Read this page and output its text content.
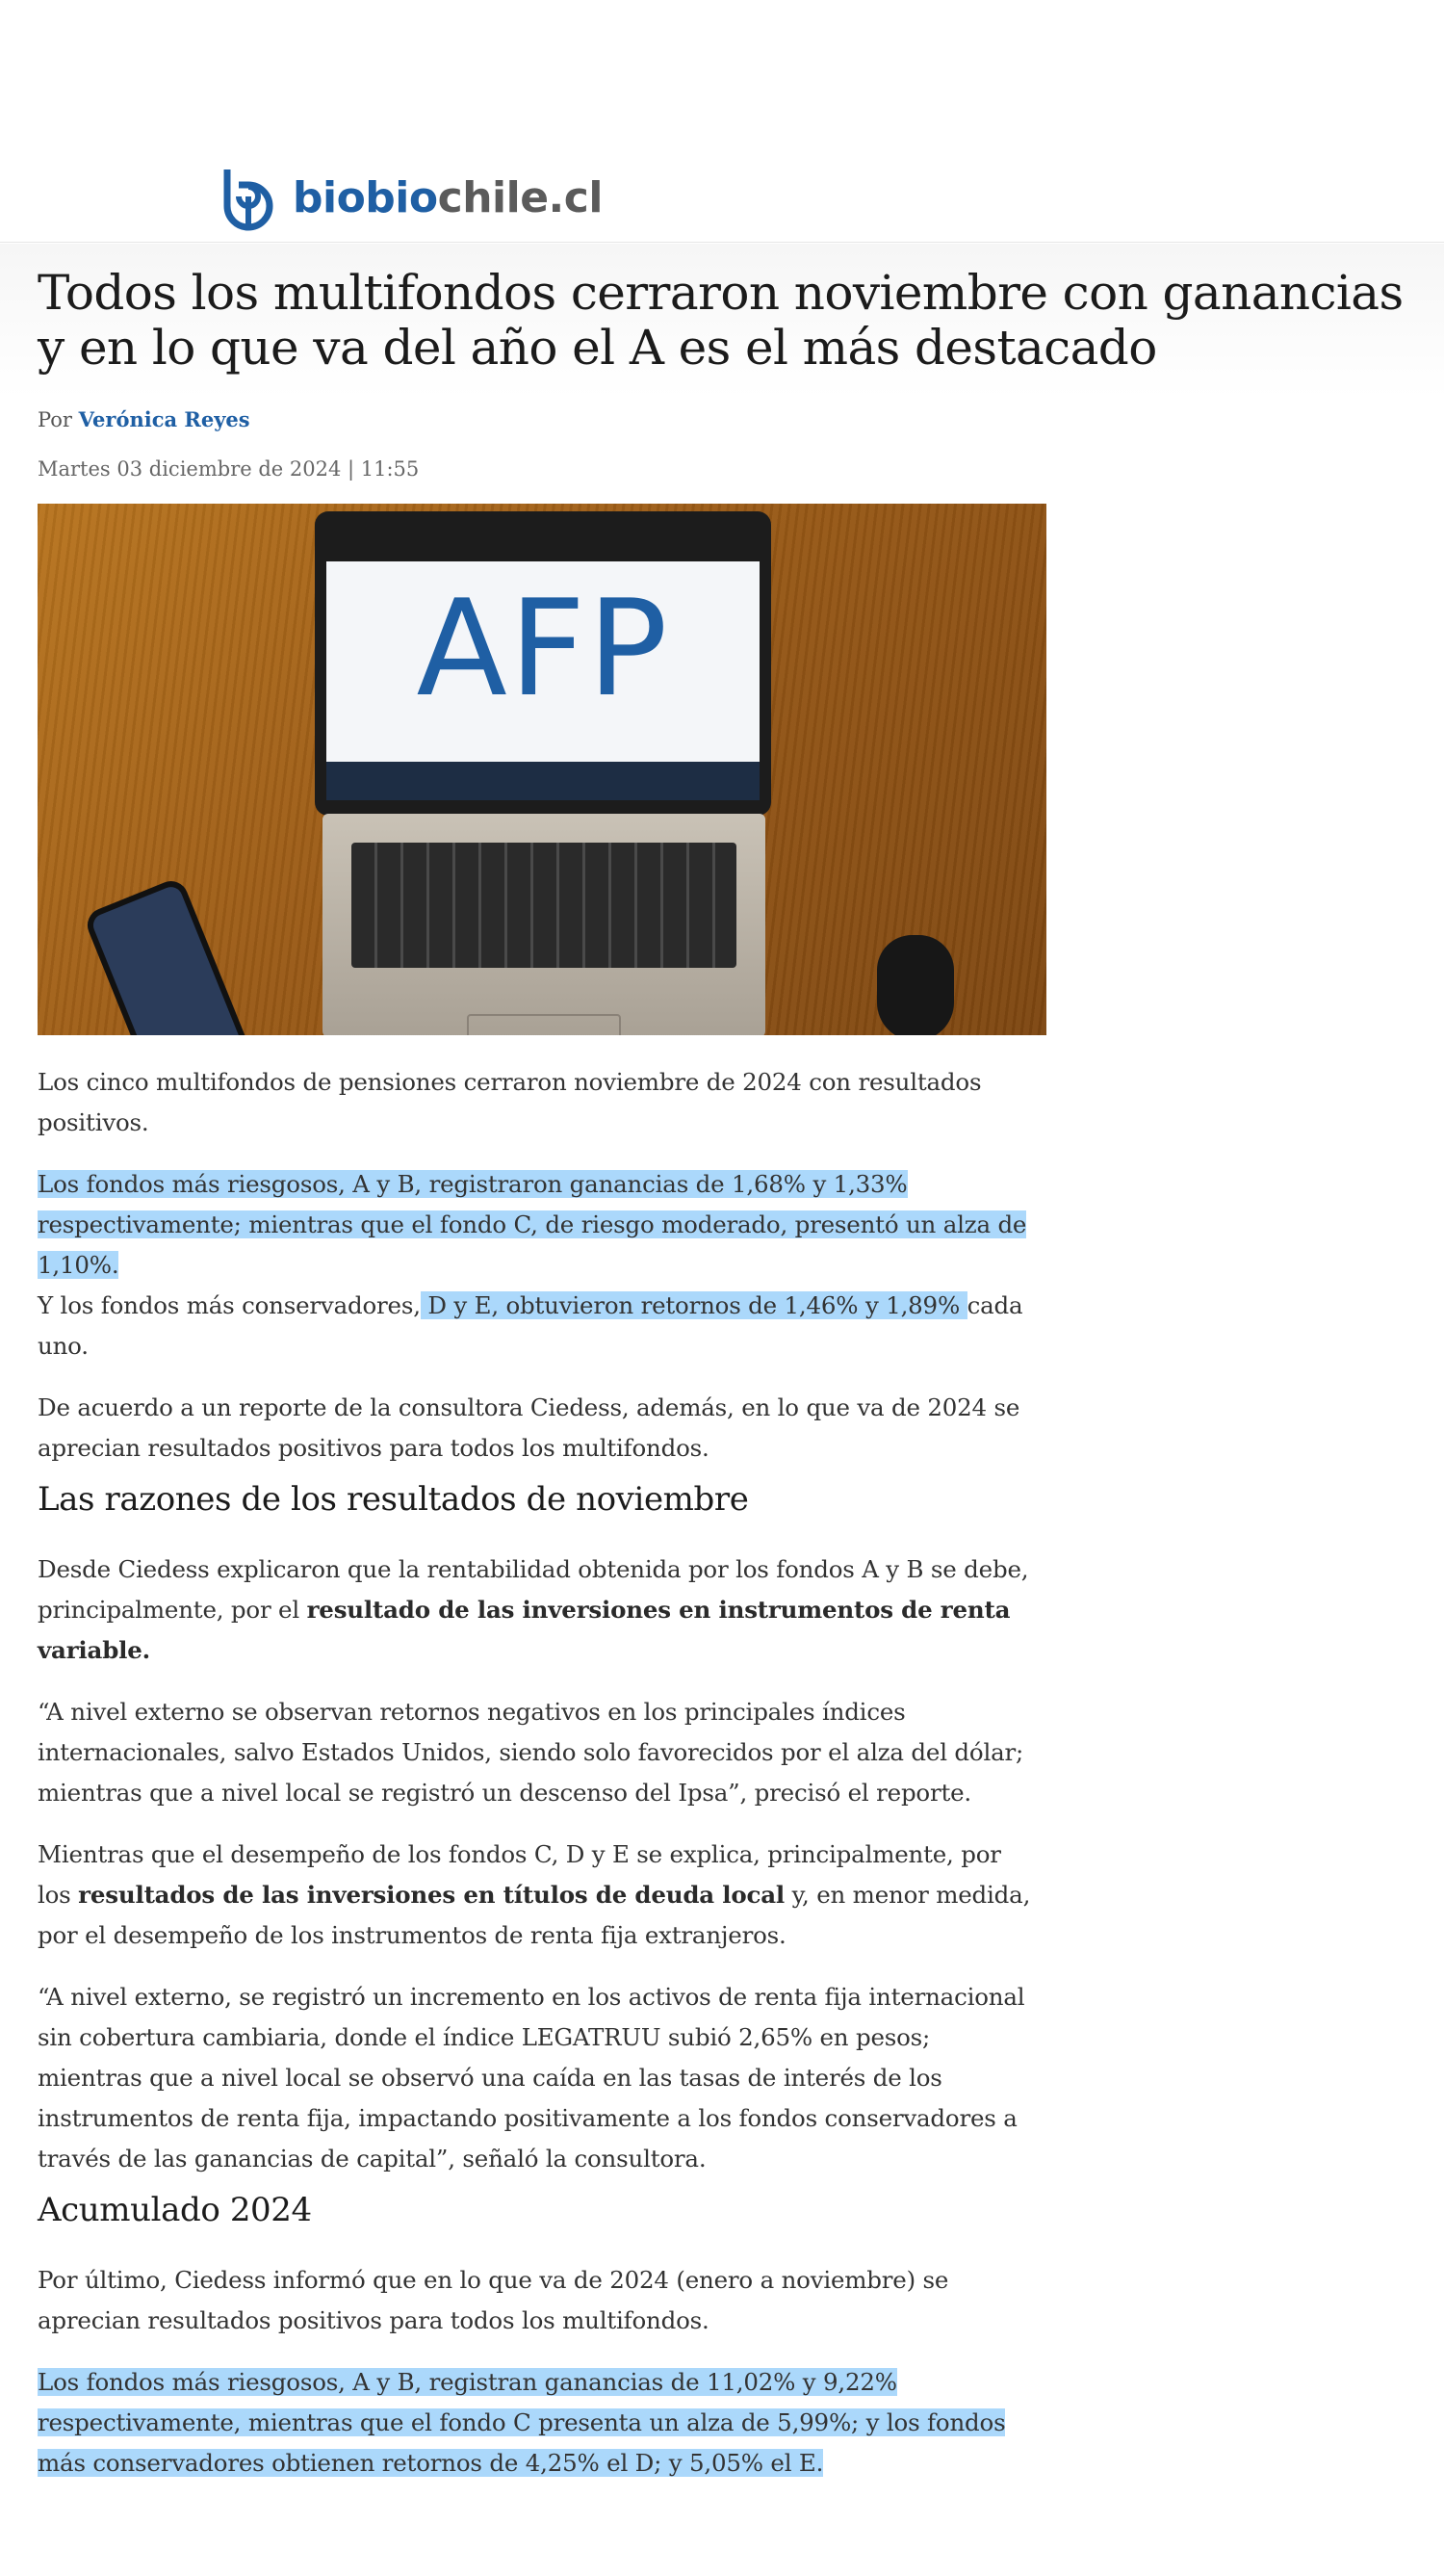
biobiochile.cl
Todos los multifondos cerraron noviembre con ganancias y en lo que va del año el A es el más destacado
Por Verónica Reyes
Martes 03 diciembre de 2024 | 11:55
AFP

Los cinco multifondos de pensiones cerraron noviembre de 2024 con resultados positivos.

Los fondos más riesgosos, A y B, registraron ganancias de 1,68% y 1,33% respectivamente; mientras que el fondo C, de riesgo moderado, presentó un alza de 1,10%.

Y los fondos más conservadores, D y E, obtuvieron retornos de 1,46% y 1,89% cada uno.

De acuerdo a un reporte de la consultora Ciedess, además, en lo que va de 2024 se aprecian resultados positivos para todos los multifondos.

Las razones de los resultados de noviembre

Desde Ciedess explicaron que la rentabilidad obtenida por los fondos A y B se debe, principalmente, por el resultado de las inversiones en instrumentos de renta variable.

“A nivel externo se observan retornos negativos en los principales índices internacionales, salvo Estados Unidos, siendo solo favorecidos por el alza del dólar; mientras que a nivel local se registró un descenso del Ipsa”, precisó el reporte.

Mientras que el desempeño de los fondos C, D y E se explica, principalmente, por los resultados de las inversiones en títulos de deuda local y, en menor medida, por el desempeño de los instrumentos de renta fija extranjeros.

“A nivel externo, se registró un incremento en los activos de renta fija internacional sin cobertura cambiaria, donde el índice LEGATRUU subió 2,65% en pesos; mientras que a nivel local se observó una caída en las tasas de interés de los instrumentos de renta fija, impactando positivamente a los fondos conservadores a través de las ganancias de capital”, señaló la consultora.

Acumulado 2024

Por último, Ciedess informó que en lo que va de 2024 (enero a noviembre) se aprecian resultados positivos para todos los multifondos.

Los fondos más riesgosos, A y B, registran ganancias de 11,02% y 9,22% respectivamente, mientras que el fondo C presenta un alza de 5,99%; y los fondos más conservadores obtienen retornos de 4,25% el D; y 5,05% el E.
